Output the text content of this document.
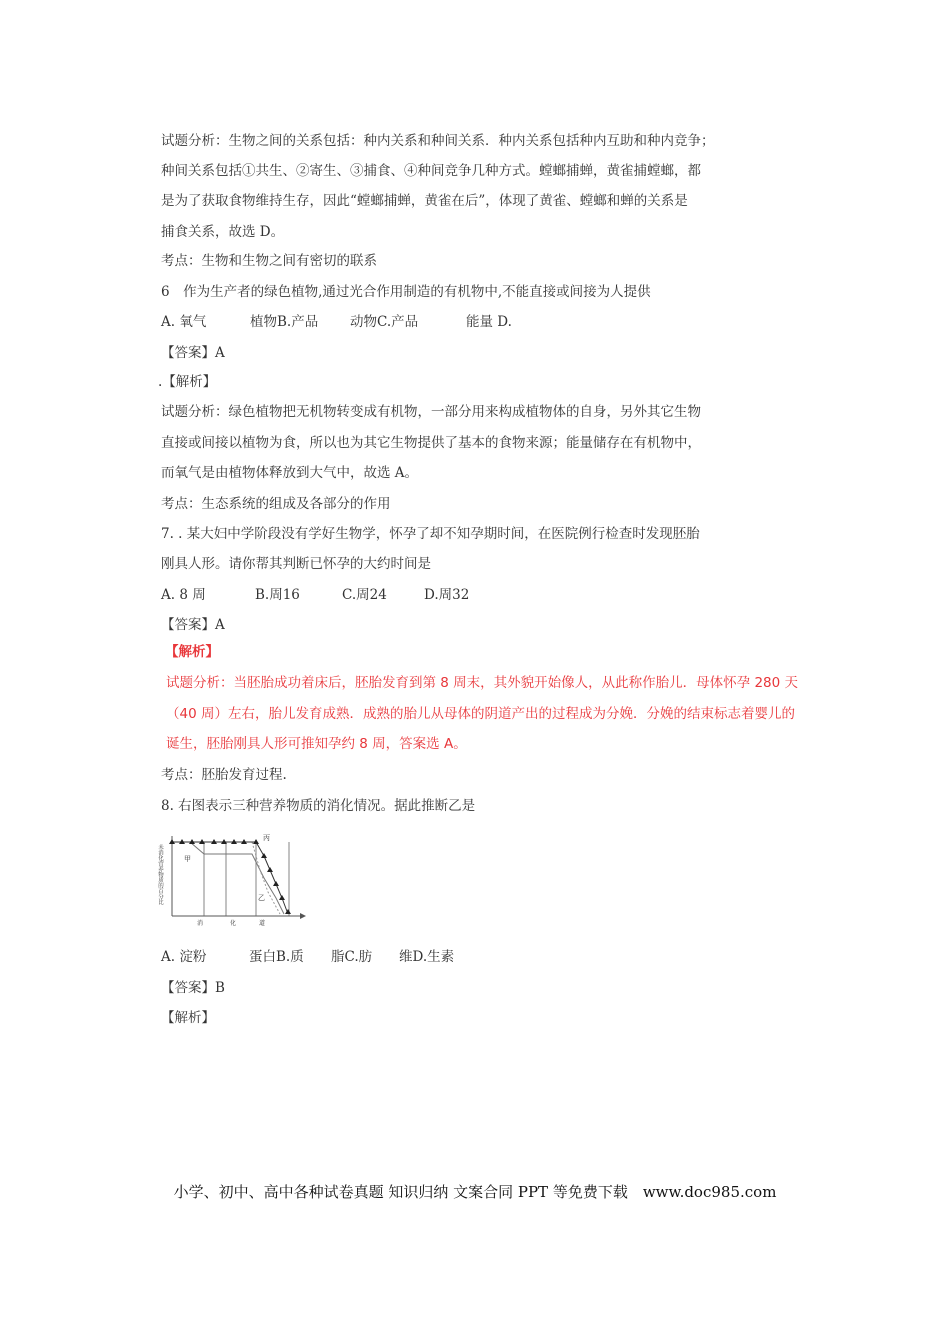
试题分析：生物之间的关系包括：种内关系和种间关系．种内关系包括种内互助和种内竞争；
种间关系包括①共生、②寄生、③捕食、④种间竞争几种方式。螳螂捕蝉，黄雀捕螳螂，都
是为了获取食物维持生存，因此“螳螂捕蝉，黄雀在后”，体现了黄雀、螳螂和蝉的关系是
捕食关系，故选 D。
考点：生物和生物之间有密切的联系
6　作为生产者的绿色植物,通过光合作用制造的有机物中,不能直接或间接为人提供
A. 氧气	植物B.产品 动物C.产品	能量 D.
【答案】A
.【解析】
试题分析：绿色植物把无机物转变成有机物，一部分用来构成植物体的自身，另外其它生物
直接或间接以植物为食，所以也为其它生物提供了基本的食物来源；能量储存在有机物中，
而氧气是由植物体释放到大气中，故选 A。
考点：生态系统的组成及各部分的作用
7. . 某大妇中学阶段没有学好生物学，怀孕了却不知孕期时间，在医院例行检查时发现胚胎
刚具人形。请你帮其判断已怀孕的大约时间是
A. 8 周	B.周16	C.周24	D.周32
【答案】A
【解析】
试题分析：当胚胎成功着床后，胚胎发育到第 8 周末，其外貌开始像人，从此称作胎儿．母体怀孕 280 天
（40 周）左右，胎儿发育成熟．成熟的胎儿从母体的阴道产出的过程成为分娩．分娩的结束标志着婴儿的
诞生，胚胎刚具人形可推知孕约 8 周，答案选 A。
考点：胚胎发育过程.
8. 右图表示三种营养物质的消化情况。据此推断乙是
甲
丙
乙
未消化营养物质的百分比
消	化	道
A. 淀粉	蛋白B.质 脂C.肪 维D.生素
【答案】B
【解析】
小学、初中、高中各种试卷真题 知识归纳 文案合同 PPT 等免费下载　www.doc985.com
